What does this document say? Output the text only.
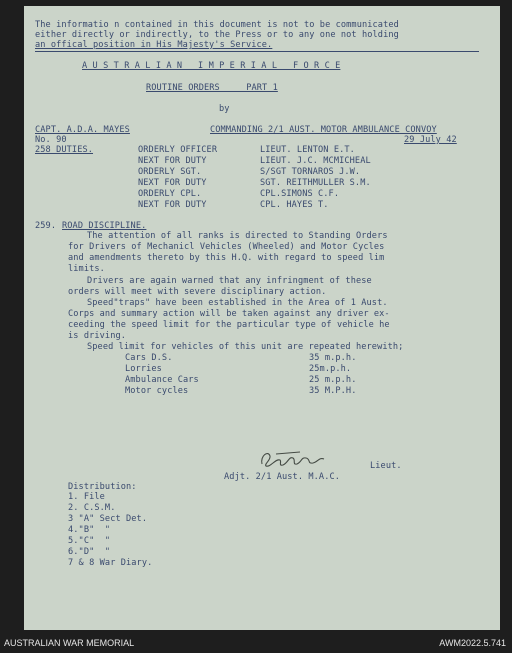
The informatio n contained in this document is not to be communicated
either directly or indirectly, to the Press or to any one not holding
an offical position in His Majesty's Service.
A U S T R A L I A N   I M P E R I A L   F O R C E
ROUTINE ORDERS     PART 1
by
CAPT. A.D.A. MAYES	COMMANDING 2/1 AUST. MOTOR AMBULANCE CONVOY
No. 90	29 July 42
258 DUTIES.	ORDERLY OFFICER	LIEUT. LENTON E.T.
NEXT FOR DUTY	LIEUT. J.C. MCMICHEAL
ORDERLY SGT.	S/SGT TORNAROS J.W.
NEXT FOR DUTY	SGT. REITHMULLER S.M.
ORDERLY CPL.	CPL.SIMONS C.F.
NEXT FOR DUTY	CPL. HAYES T.
259. ROAD DISCIPLINE.
The attention of all ranks is directed to Standing Orders
for Drivers of Mechanicl Vehicles (Wheeled) and Motor Cycles
and amendments thereto by this H.Q. with regard to speed lim
limits.
Drivers are again warned that any infringment of these
orders will meet with severe disciplinary action.
Speed"traps" have been established in the Area of 1 Aust.
Corps and summary action will be taken against any driver ex-
ceeding the speed limit for the particular type of vehicle he
is driving.
Speed limit for vehicles of this unit are repeated herewith;
Cars D.S.	35 m.p.h.
Lorries	25m.p.h.
Ambulance Cars	25 m.p.h.
Motor cycles	35 M.P.H.
Lieut.
Adjt. 2/1 Aust. M.A.C.
Distribution:
1. File
2. C.S.M.
3 "A" Sect Det.
4."B"  "
5."C"  "
6."D"  "
7 & 8 War Diary.
AUSTRALIAN WAR MEMORIAL	AWM2022.5.741
